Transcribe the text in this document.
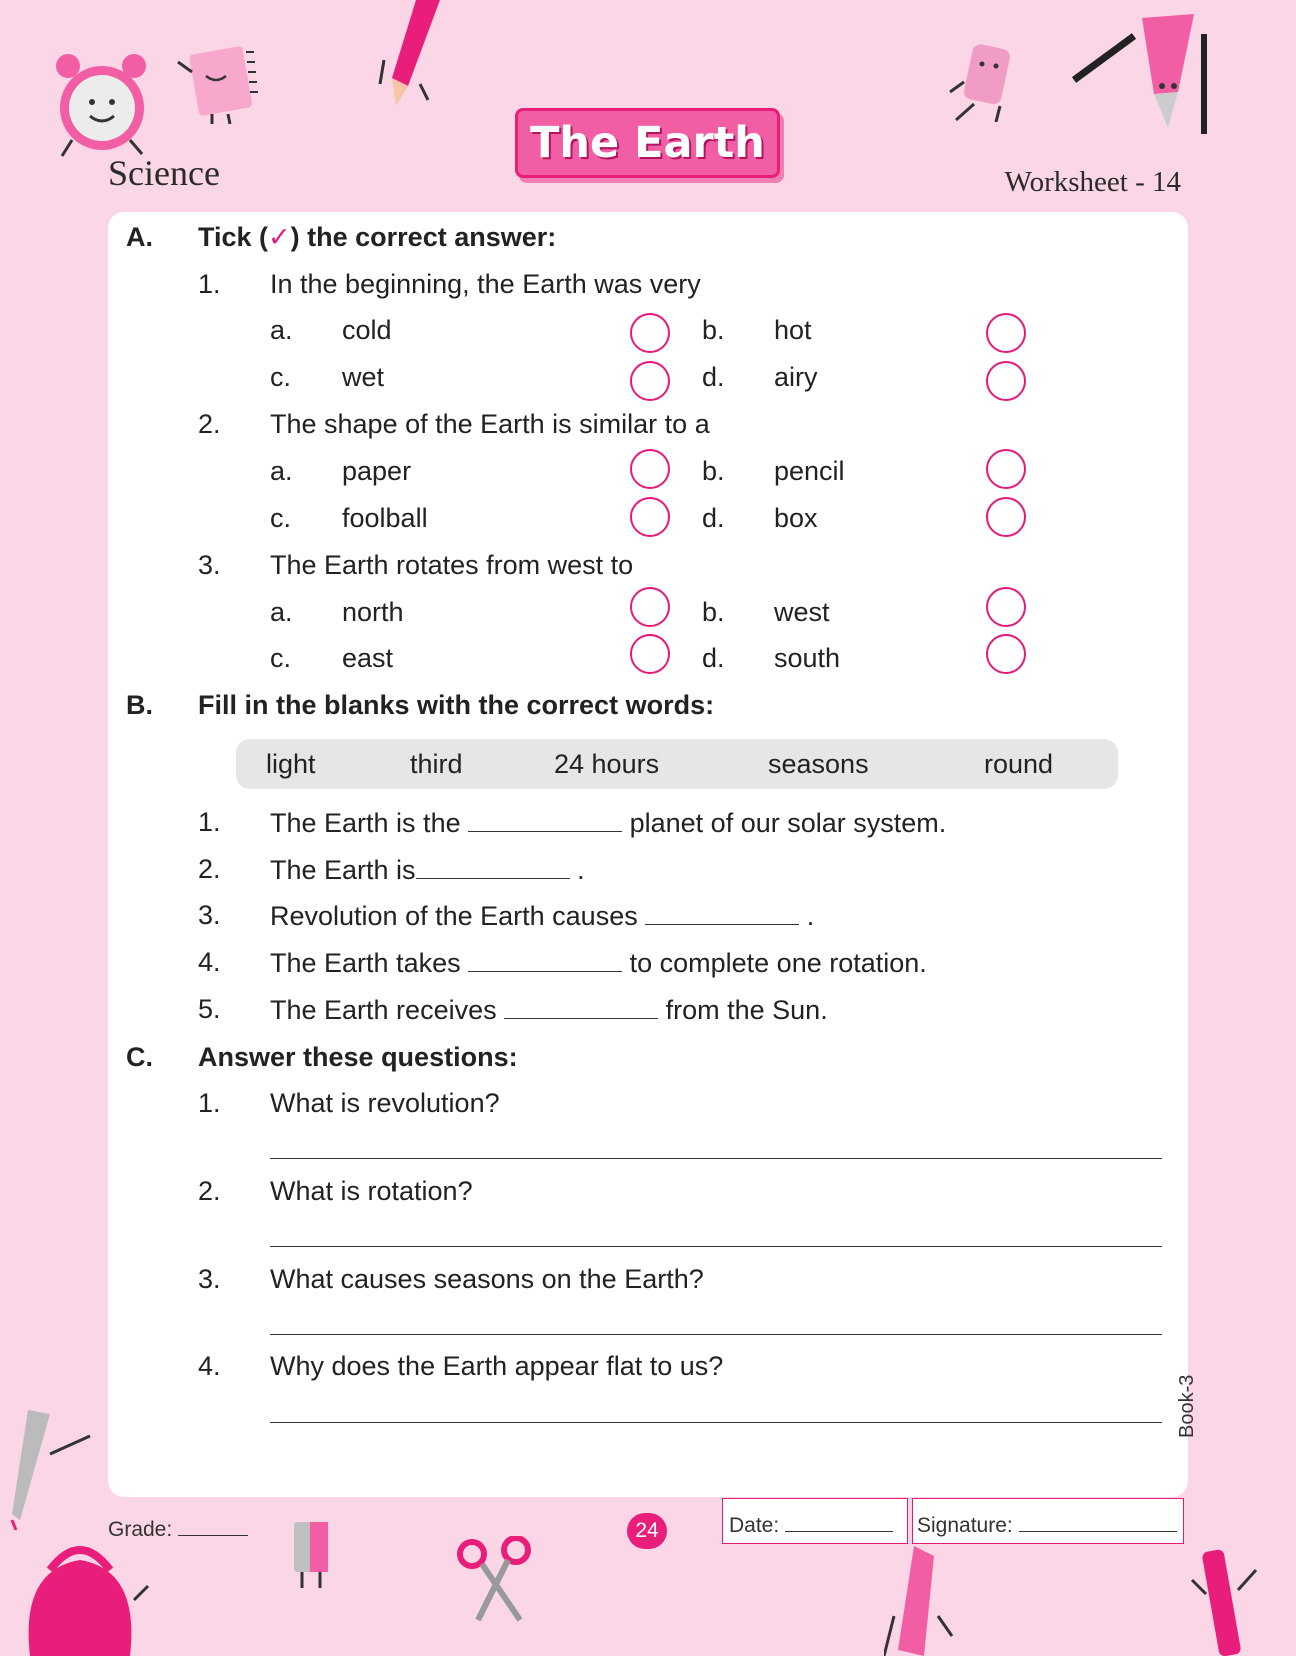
Science
The Earth
Worksheet - 14
A. Tick (✓) the correct answer:
1. In the beginning, the Earth was very
a. cold	b. hot
c. wet	d. airy
2. The shape of the Earth is similar to a
a. paper	b. pencil
c. foolball	d. box
3. The Earth rotates from west to
a. north	b. west
c. east	d. south
B. Fill in the blanks with the correct words:
light	third	24 hours	seasons	round
1. The Earth is the	planet of our solar system.
2. The Earth is	.
3. Revolution of the Earth causes	.
4. The Earth takes	to complete one rotation.
5. The Earth receives	from the Sun.
C. Answer these questions:
1. What is revolution?
2. What is rotation?
3. What causes seasons on the Earth?
4. Why does the Earth appear flat to us?
Book-3
Grade:	24	Date:	Signature:
